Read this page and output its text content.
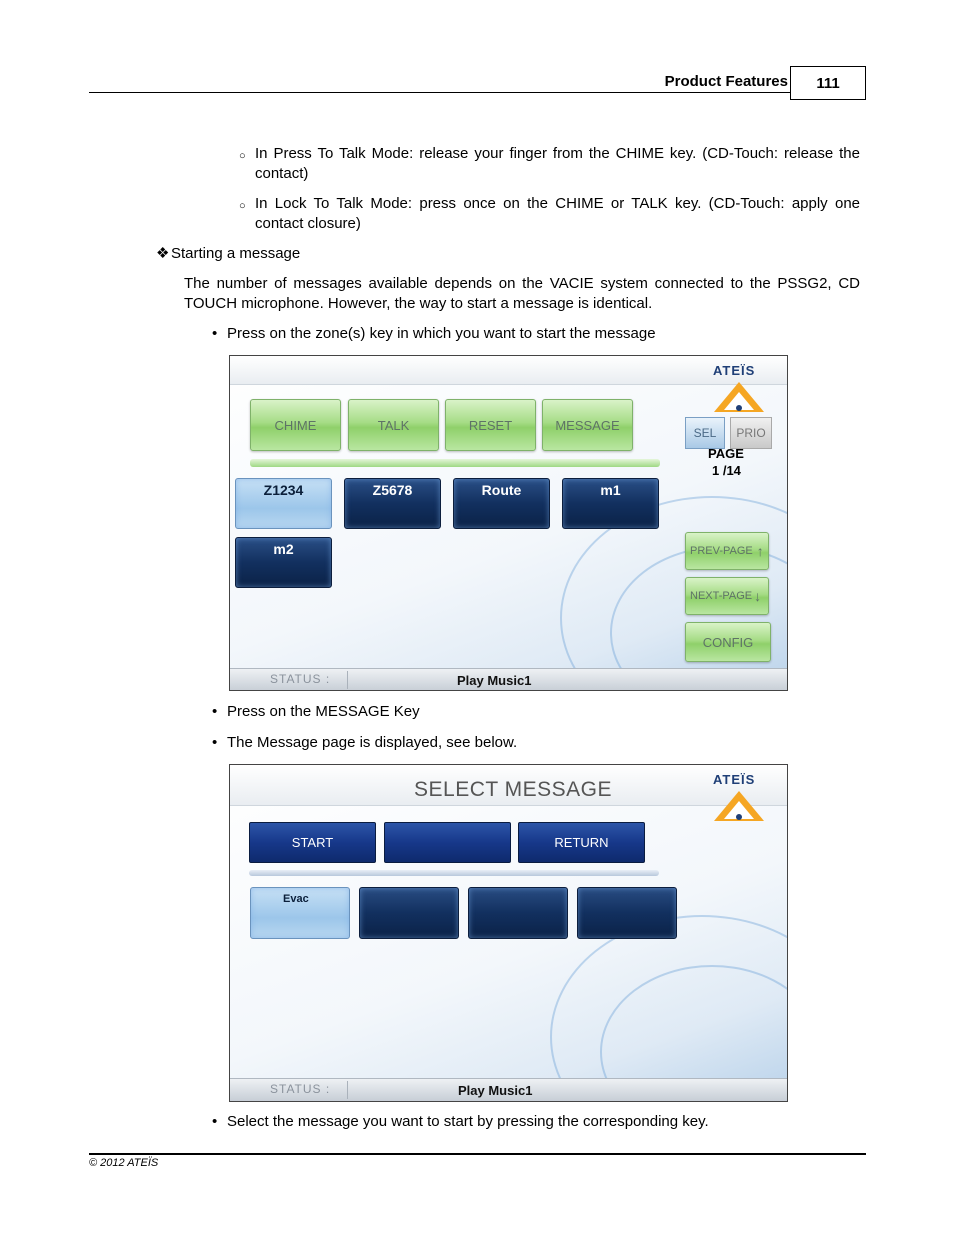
Product Features	111
○ In Press To Talk Mode: release your finger from the CHIME key. (CD-Touch: release the contact)
○ In Lock To Talk Mode: press once on the CHIME or TALK key. (CD-Touch: apply one contact closure)
❖ Starting a message
The number of messages available depends on the VACIE system connected to the PSSG2, CD TOUCH microphone. However, the way to start a message is identical.
• Press on the zone(s) key in which you want to start the message
ATEÏS
CHIME	TALK	RESET	MESSAGE
SEL	PRIO
PAGE
1 /14
Z1234	Z5678	Route	m1
m2	PREV-PAGE ↑
NEXT-PAGE ↓
CONFIG
STATUS :	Play Music1
• Press on the MESSAGE Key
• The Message page is displayed, see below.
SELECT MESSAGE	ATEÏS
START	RETURN
Evac
STATUS :	Play Music1
• Select the message you want to start by pressing the corresponding key.
© 2012 ATEÏS
